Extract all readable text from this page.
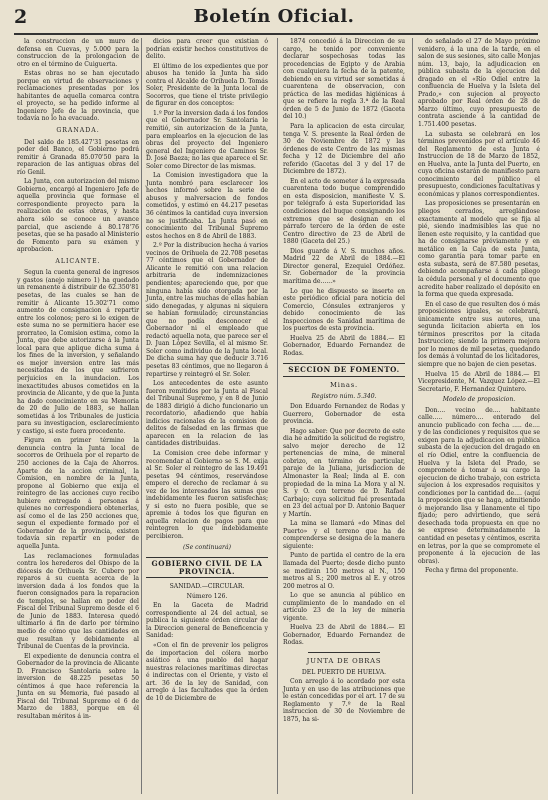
2	Boletín Oficial.

la construccion de un muro de defensa en Cuevas, y 5.000 para la construccion de la prolongacion de otro en el término de Cuiguerta.

Estas obras no se han ejecutado porque en virtud de observaciones y reclamaciones presentadas por los habitantes de aquella comarca contra el proyecto, se ha pedido informe al Ingeniero Jefe de la provincia, que todavía no lo ha evacuado.

GRANADA.

Del saldo de 185.427'31 pesetas en poder del Banco, el Gobierno podrá remitir á Granada 85.070'50 para la reparacion de las antiguas obras del río Genil.

La Junta, con autorizacion del mismo Gobierno, encargó al Ingeniero Jefe de aquella provincia que formase el correspondiente proyecto para la realizacion de estas obras, y hasta ahora sólo se conoce un avance parcial, que asciende á 80.178'76 pesetas, que se ha pasado al Ministerio de Fomento para su exámen y aprobacion.

ALICANTE.

Segun la cuenta general de ingresos y gastos (anejo número 1) ha quedado un remanente á distribuir de 62.350'81 pesetas, de las cuales se han de remitir á Alicante 15.302'71 como aumento de consignacion á repartir entre los colonos; pero si lo exigen de este suma no se permitiera hacer ese prorrateo, la Comision estima, como la Junta, que debe autorizarse á la Junta local para que aplique dicha suma á los fines de la inversion, y señalando es mejor inversion entre las más necesitadas de los que sufrieron perjuicios en la inundacion. Los inexactitudes abusos cometidos en la provincia de Alicante, y de que la Junta ha dado conocimiento en su Memoria de 20 de Julio de 1883, se hallan sometidas á los Tribunales de justicia para su investigacion, esclarecimiento y castigo, si este fuera procedente.

Figura en primer término la denuncia contra la Junta local de socorros de Orihuela por el reparto de 250 acciones de la Caja de Ahorros. Aparte de la accion criminal, la Comision, en nombre de la Junta, propone al Gobierno que exija el reintegro de las acciones cuyo recibo hubiere entregado á personas á quienes no correspondiera obtenerlas, así como el de las 250 acciones que, segun el expediente formado por el Gobernador de la provincia, existen todavía sin repartir en poder de aquella Junta.

Las reclamaciones formuladas contra los herederos del Obispo de la diócesis de Orihuela Sr. Cubero por reparos á su cuenta acerca de la inversion dada á los fondos que la fueron consignados para la reparacion de templos, se hallan en poder del Fiscal del Tribunal Supremo desde el 6 de Junio de 1883. Interesa quedó ultimarlo á fin de darlo por término medio de cómo que las cantidades en que resultan y debidamente al Tribunal de Cuentas de la provincia.

El expediente de denuncia contra el Gobernador de la provincia de Alicante D. Francisco Santolaria sobre la inversion de 48.225 pesetas 50 céntimos á que hace referencia la Junta en su Memoria, fué pasado al Fiscal del Tribunal Supremo el 6 de Marzo de 1883, porque en él resultaban méritos á in-

dicios para creer que existian ó podrían existir hechos constitutivos de delito.

El último de los expedientes que por abusos ha tenido la Junta ha sido contra el Alcalde de Orihuela D. Tomás Soler, Presidente de la Junta local de Socorros, que tiene el triste privilegio de figurar en dos conceptos:

1.º Por la inversion dada á los fondos que el Gobernador Sr. Santolaria le remitió, sin autorizacion de la Junta, para emplearlos en la ejecucion de las obras del proyecto del Ingeniero general del Ingeniero de Caminos Sr. D. José Baeza; no las que aparece el Sr. Soler como Director de las mismas.

La Comision investigadora que la Junta nombró para esclarecer los hechos informó sobre la serie de abusos y malversacion de fondos cometidos, y estimó en 44.217 pesetas 36 céntimos la cantidad cuya inversion no se justificaba. La Junta pasó en conocimiento del Tribunal Supremo estos hechos en 8 de Abril de 1883.

2.º Por la distribucion hecha á varios vecinos de Orihuela de 22.708 pesetas 77 céntimos que el Gobernador de Alicante le remitió con una relacion arbitraria de indemnizaciones pendientes; apareciendo que, por que ninguna había sido otorgada por la Junta, entre las muchas de ellas habían sido denegadas, y algunas ni siquiera se habían formulado; circunstancias que no podía desconocer el Gobernador ni el empleado que redactó aquella nota, que parece ser el D. Juan López Sevilla, el al mismo Sr. Soler como individuo de la Junta local. De dicha suma hay que deducir 3.716 pesetas 83 céntimos, que no llegaron á repartirse y reintegró el Sr. Soler.

Los antecedentes de este asunto fueron remitidos por la Junta al Fiscal del Tribunal Supremo, y en 8 de Junio de 1883 dirigió á dicho funcionario un recordatorio, añadiendo que había indicios racionales de la comision de delitos de falsedad en las firmas que aparecen en la relacion de las cantidades distribuidas.

La Comision cree debe informar y recomendar al Gobierno se S. M. exija al Sr. Soler el reintegro de las 19.491 pesetas 94 céntimos, reservándose empero el derecho de reclamar á su vez de los interesados las sumas que indebidamente les fueron satisfechas; y si esto no fuera posible, que se apremie á todos los que figuran en aquella relacion de pagos para que reintegren lo que indebidamente percibieron.

(Se continuará)
GOBIERNO CIVIL DE LA PROVINCIA.
SANIDAD.—CIRCULAR.
Número 126.

En la Gaceta de Madrid correspondiente al 24 del actual, se publica la siguiente órden circular de la Direccion general de Beneficencia y Sanidad:

«Con el fin de prevenir los peligros de importacion del cólera morbo asiático á una pueblo del hagar nuestras relaciones marítimas directas é indirectas con el Oriente, y visto el art. 36 de la ley de Sanidad, con arreglo á las facultades que la órden de 10 de Diciembre de

1874 concedió á la Direccion de su cargo, he tenido por conveniente declarar sospechosas todas las procedencias de Egipto y de Arabia con cualquiera la fecha de la patente, debiendo en su virtud ser sometidas á cuarentena de observacion, con práctica de las medidas higiénicas á que se refiere la regla 3.ª de la Real órden de 5 de Junio de 1872 (Gaceta del 10.)

Para la aplicacion de esta circular, tenga V. S. presente la Real órden de 30 de Noviembre de 1872 y las órdenes de este Centro de las mismas fecha y 12 de Diciembre del año referido (Gacetas del 3 y del 17 de Diciembre de 1872).

En el acto de someter á la expresada cuarentena todo buque comprendido en esta disposicion, manifieste V. S. por telégrafo á esta Superioridad las condiciones del buque consignando los extremos que se designan en el párrafo tercero de la órden de este Centro directivo de 23 de Abril de 1880 (Gaceta del 25.)

Dios guarde á V. S. muchos años. Madrid 22 de Abril de 1884.—El Director general, Ezequiel Ordóñez. Sr. Gobernador de la provincia marítima de......»

Lo que he dispuesto se inserte en este periódico oficial para noticia del Comercio, Cónsules extranjeros y debido conocimiento de las Inspecciones de Sanidad marítima de los puertos de esta provincia.

Huelva 25 de Abril de 1884.— El Gobernador, Eduardo Fernandez de Rodas.

SECCION DE FOMENTO.
Minas.
Registro núm. 5.340.

Don Eduardo Fernandez de Rodas y Guerrero, Gobernador de esta provincia.

Hago saber: Que por decreto de este dia he admitido la solicitud de registro, salvo mejor derecho de 12 pertenencias de mina, de mineral cobrizo, en término de particular, paraje de la Juliana, jurisdiccion de Almonaster la Real; linda al E. con propiedad de la mina La Mora y al N. S. y O. con terreno de D. Rafael Carbajo; cuya solicitud fué presentada en 23 del actual por D. Antonio Baquer y Martín.

La mina se llamará «do Minas del Puerto» y el terreno que ha de comprenderse se designa de la manera siguiente:

Punto de partida el centro de la era llamada del Puerto; desde dicho punto se medirán 150 metros al N., 150 metros al S.; 200 metros al E. y otros 200 metros al O.

Lo que se anuncia al público en cumplimiento de lo mandado en el artículo 23 de la ley de minería vigente.

Huelva 23 de Abril de 1884.— El Gobernador, Eduardo Fernandez de Rodas.

JUNTA DE OBRAS
DEL PUERTO DE HUELVA.

Con arreglo á lo acordado por esta Junta y en uso de las atribuciones que le están concedidas por el art. 17 de su Reglamento y 7.º de la Real instruccion de 30 de Noviembre de 1875, ha si-

do señalado el 27 de Mayo próximo venidero, á la una de la tarde, en el salon de sus sesiones, sito calle Monjas núm. 13, bajo, la adjudicacion en pública subasta de la ejecucion del dragado en el «Río Odiel entre la confluencia de Huelva y la Isleta del Prado,» con sujecion al proyecto aprobado por Real órden de 28 de Marzo último, cuyo presupuesto de contrata asciende á la cantidad de 1.751.400 pesetas.

La subasta se celebrará en los términos prevenidos por el artículo 46 del Reglamento de esta Junta é Instruccion de 18 de Marzo de 1852, en Huelva, ante la Junta del Puerto, en cuya oficina estarán de manifiesto para conocimiento del público el presupuesto, condiciones facultativas y económicas y planos correspondientes.

Las proposiciones se presentarán en pliegos cerrados, arreglándose exactamente al modelo que se fija al pié, siendo inadmisibles las que no llenen este requisito, y la cantidad que ha de consignarse préviamente y en metálico en la Caja de esta Junta, como garantía para tomar parte en esta subasta, será de 87.580 pesetas, debiendo acompañarse á cada pliego la cédula personal y el documento que acredite haber realizado el depósito en la forma que queda expresada.

En el caso de que resulten dos ó más proposiciones iguales, se celebrará, únicamente entre sus autores, una segunda licitacion abierta en los términos prescritos por la citada Instruccion; siendo la primera mejora por lo menos de mil pesetas, quedando los demás á voluntad de los licitadores, siempre que no bajen de cien pesetas.

Huelva 15 de Abril de 1884.— El Vicepresidente, M. Vazquez López.—El Secretario, F. Hernandez Quintero.

Modelo de proposicion.

Don.... vecino de.... habitante calle..... número.... enterado del anuncio publicado con fecha ..... de.... y de las condiciones y requisitos que se exigen para la adjudicacion en pública subasta de la ejecucion del dragado en el río Odiel, entre la confluencia de Huelva y la Isleta del Prado, se compromete á tomar á su cargo la ejecucion de dicho trabajo, con estricta sujecion á los expresados requisitos y condiciones por la cantidad de.... (aquí la proposicion que se haga, admitiendo ó mejorando lisa y llanamente el tipo fijado; pero advirtiendo, que será desechada toda propuesta en que no se exprese determinadamente la cantidad en pesetas y céntimos, escrita en letras, por la que se compromete el proponente á la ejecucion de las obras).

Fecha y firma del proponente.
